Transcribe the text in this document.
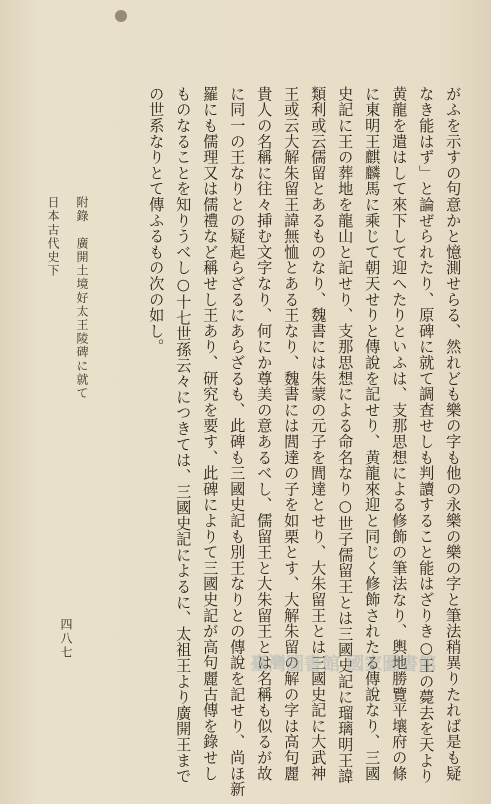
がふを示すの句意かと憶測せらる、然れども樂の字も他の永樂の樂の字と筆法稍異りたれば是も疑
なき能はず」と論ぜられたり、原碑に就て調査せしも判讀すること能はざりき○王の薨去を天より
黄龍を遣はして來下して迎へたりといふは、支那思想による修飾の筆法なり、輿地勝覽平壤府の條
に東明王麒麟馬に乘じて朝天せりと傳說を記せり、黄龍來迎と同じく修飾されたる傳說なり、三國
史記に王の葬地を龍山と記せり、支那思想による命名なり○世子儒留王とは三國史記に瑠璃明王諱
類利或云儒留とあるものなり、魏書には朱蒙の元子を閭達とせり、大朱留王とは三國史記に大武神
王或云大解朱留王諱無恤とある王なり、魏書には閭達の子を如栗とす、大解朱留の解の字は高句麗
貴人の名稱に往々挿む文字なり、何にか尊美の意あるべし、儒留王と大朱留王とは名稱も似るが故
に同一の王なりとの疑起らざるにあらざるも、此碑も三國史記も別王なりとの傳說を記せり、尚ほ新
羅にも儒理又は儒禮など稱せし王あり、研究を要す、此碑によりて三國史記が高句麗古傳を錄せし
ものなることを知りうべし○十七世孫云々につきては、三國史記によるに、太祖王より廣開王まで
の世系なりとて傳ふるもの次の如し。
附錄　廣開土境好太王陵碑に就て
日本古代史下
四八七
臺灣圖書館 國家圖書館
